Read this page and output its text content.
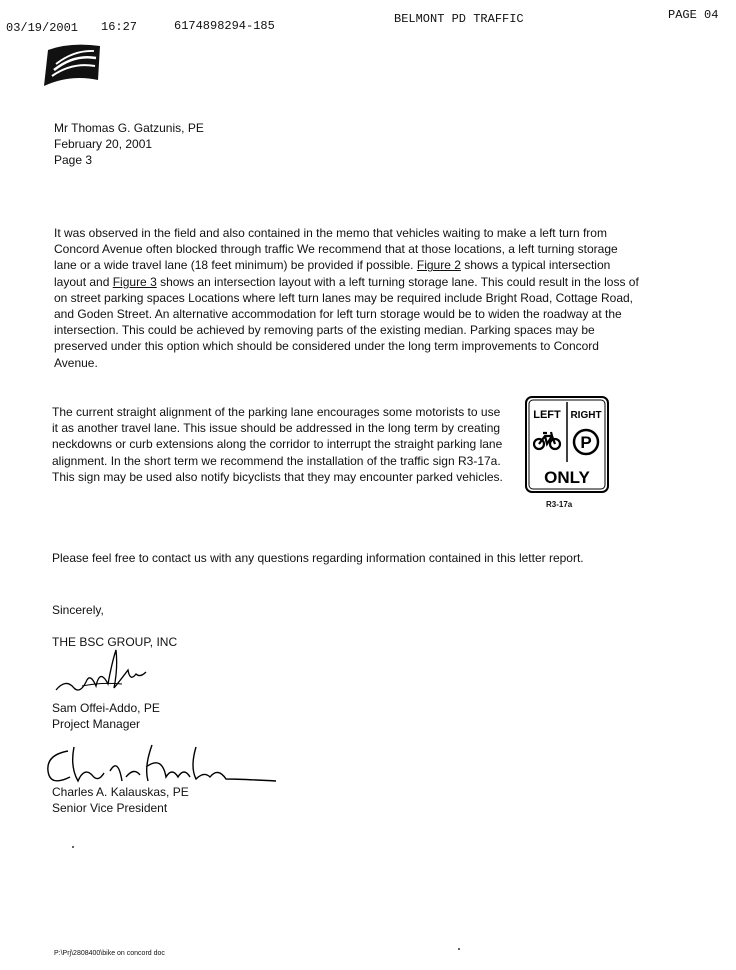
03/19/2001 16:27	6174898294-185	BELMONT PD TRAFFIC	PAGE 04
Mr Thomas G. Gatzunis, PE
February 20, 2001
Page 3
It was observed in the field and also contained in the memo that vehicles waiting to make a left turn from Concord Avenue often blocked through traffic We recommend that at those locations, a left turning storage lane or a wide travel lane (18 feet minimum) be provided if possible. Figure 2 shows a typical intersection layout and Figure 3 shows an intersection layout with a left turning storage lane. This could result in the loss of on street parking spaces Locations where left turn lanes may be required include Bright Road, Cottage Road, and Goden Street. An alternative accommodation for left turn storage would be to widen the roadway at the intersection. This could be achieved by removing parts of the existing median. Parking spaces may be preserved under this option which should be considered under the long term improvements to Concord Avenue.
The current straight alignment of the parking lane encourages some motorists to use it as another travel lane. This issue should be addressed in the long term by creating neckdowns or curb extensions along the corridor to interrupt the straight parking lane alignment. In the short term we recommend the installation of the traffic sign R3-17a. This sign may be used also notify bicyclists that they may encounter parked vehicles.
LEFT RIGHT
P
ONLY
R3-17a
Please feel free to contact us with any questions regarding information contained in this letter report.
Sincerely,
THE BSC GROUP, INC
Sam Offei-Addo, PE
Project Manager
Charles A. Kalauskas, PE
Senior Vice President
P:\Prj\2808400\bike on concord doc
